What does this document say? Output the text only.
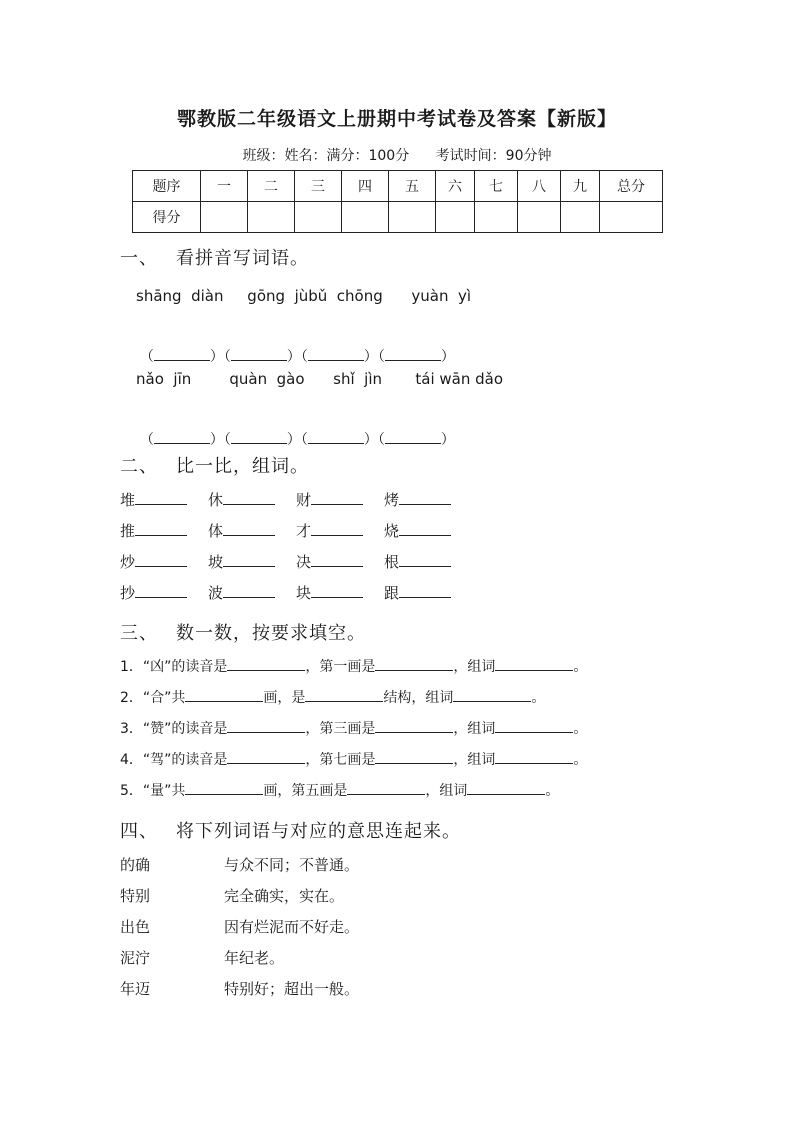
鄂教版二年级语文上册期中考试卷及答案【新版】
班级：姓名：满分：100分 考试时间：90分钟
题序	一	二	三	四	五	六	七	八	九	总分
得分										
一、 看拼音写词语。
shāng  diàn     gōng  jùbǔ  chōng      yuàn  yì

（	）（	）（	）（	）

nǎo  jīn        quàn  gào      shǐ  jìn       tái wān dǎo

（	）（	）（	）（	）

二、 比一比，组词。
堆	休	财	烤
推	体	才	烧
炒	坡	决	根
抄	波	块	跟
三、 数一数，按要求填空。
1．“凶”的读音是	，第一画是	，组词	。
2．“合”共	画，是	结构，组词	。
3．“赞”的读音是	，第三画是	，组词	。
4．“驾”的读音是	，第七画是	，组词	。
5．“量”共	画，第五画是	，组词	。
四、 将下列词语与对应的意思连起来。
的确	与众不同；不普通。
特别	完全确实，实在。
出色	因有烂泥而不好走。
泥泞	年纪老。
年迈	特别好；超出一般。
